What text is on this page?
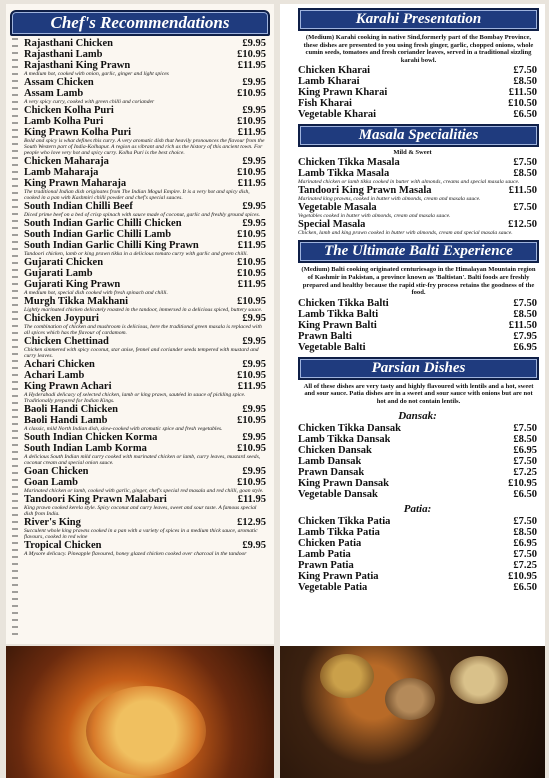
Chef's Recommendations
Rajasthani Chicken	£9.95
Rajasthani Lamb	£10.95
Rajasthani King Prawn	£11.95
A medium hot, cooked with onion, garlic, ginger and light spices
Assam Chicken	£9.95
Assam Lamb	£10.95
A very spicy curry, cooked with green chilli and coriander
Chicken Kolha Puri	£9.95
Lamb Kolha Puri	£10.95
King Prawn Kolha Puri	£11.95
Bold and spicy is what defines this curry. A very aromatic dish that heavily pronounces the flavour from the South Western part of India-Kolhapur. A region as vibrant and rich as the history of this ancient town. For people who love very hot and spicy curry. Kolha Puri is the best choice.
Chicken Maharaja	£9.95
Lamb Maharaja	£10.95
King Prawn Maharaja	£11.95
The traditional Indian dish originates from The Indian Mogul Empire. It is a very hot and spicy dish, cooked in a pan with Kashmiri chilli powder and chef's special sauces.
South Indian Chilli Beef	£9.95
Diced prime beef on a bed of crisp spinach with sauce made of coconut, garlic and freshly ground spices.
South Indian Garlic Chilli Chicken	£9.95
South Indian Garlic Chilli Lamb	£10.95
South Indian Garlic Chilli King Prawn	£11.95
Tandoori chicken, lamb or king prawn tikka in a delicious tomato curry with garlic and green chilli.
Gujarati Chicken	£10.95
Gujarati Lamb	£10.95
Gujarati King Prawn	£11.95
A medium hot, special dish cooked with fresh spinach and chilli.
Murgh Tikka Makhani	£10.95
Lightly marinated chicken delicately roasted in the tandoor, immersed in a delicious spiced, buttery sauce.
Chicken Joypuri	£9.95
The combination of chicken and mushroom is delicious, here the traditional green masala is replaced with all spices which has the flavour of cardamom.
Chicken Chettinad	£9.95
Chicken simmered with spicy coconut, star anise, fennel and coriander seeds tempered with mustard and curry leaves.
Achari Chicken	£9.95
Achari Lamb	£10.95
King Prawn Achari	£11.95
A Hyderabadi delicacy of selected chicken, lamb or king prawn, sautéed in sauce of pickling spice. Traditionally prepared for Indian Kings.
Baoli Handi Chicken	£9.95
Baoli Handi Lamb	£10.95
A classic, mild North Indian dish, slow-cooked with aromatic spice and fresh vegetables.
South Indian Chicken Korma	£9.95
South Indian Lamb Korma	£10.95
A delicious South Indian mild curry cooked with marinated chicken or lamb, curry leaves, mustard seeds, coconut cream and special onion sauce.
Goan Chicken	£9.95
Goan Lamb	£10.95
Marinated chicken or lamb, cooked with garlic, ginger, chef's special red masala and red chilli, goan style.
Tandoori King Prawn Malabari	£11.95
King prawn cooked kerela style. Spicy coconut and curry leaves, sweet and sour taste. A famous special dish from India.
River's King	£12.95
Succulent whole king prawns cooked in a pan with a variety of spices in a medium thick sauce, aromatic flavours, cooked in red wine
Tropical Chicken	£9.95
A Mysore delicacy. Pineapple flavoured, honey glazed chicken cooked over charcoal in the tandoor
Karahi Presentation
(Medium) Karahi cooking in native Sind,formerly part of the Bombay Province, these dishes are presented to you using fresh ginger, garlic, chopped onions, whole cumin seeds, tomatoes and fresh coriander leaves, served in a traditional sizzling karahi bowl.
Chicken Kharai	£7.50
Lamb Kharai	£8.50
King Prawn Kharai	£11.50
Fish Kharai	£10.50
Vegetable Kharai	£6.50
Masala Specialities
Mild & Sweet
Chicken Tikka Masala	£7.50
Lamb Tikka Masala	£8.50
Marinated chicken or lamb tikka cooked in butter with almonds, creams and special masala sauce.
Tandoori King Prawn Masala	£11.50
Marinated king prawns, cooked in butter with almonds, cream and masala sauce.
Vegetable Masala	£7.50
Vegetables cooked in butter with almonds, cream and masala sauce.
Special Masala	£12.50
Chicken, lamb and king prawn cooked in butter with almonds, cream and special masala sauce.
The Ultimate Balti Experience
(Medium) Balti cooking originated centuriesago in the Himalayan Mountain region of Kashmir in Pakistan, a province known as 'Baltistan'. Balti foods are freshly prepared and healthy because the rapid stir-fry process retains the goodness of the food.
Chicken Tikka Balti	£7.50
Lamb Tikka Balti	£8.50
King Prawn Balti	£11.50
Prawn Balti	£7.95
Vegetable Balti	£6.95
Parsian Dishes
All of these dishes are very tasty and highly flavoured with lentils and a hot, sweet and sour sauce. Patia dishes are in a sweet and sour sauce with onions but are not hot and do not contain lentils.
Dansak:
Chicken Tikka Dansak	£7.50
Lamb Tikka Dansak	£8.50
Chicken Dansak	£6.95
Lamb Dansak	£7.50
Prawn Dansak	£7.25
King Prawn Dansak	£10.95
Vegetable Dansak	£6.50
Patia:
Chicken Tikka Patia	£7.50
Lamb Tikka Patia	£8.50
Chicken Patia	£6.95
Lamb Patia	£7.50
Prawn Patia	£7.25
King Prawn Patia	£10.95
Vegetable Patia	£6.50
